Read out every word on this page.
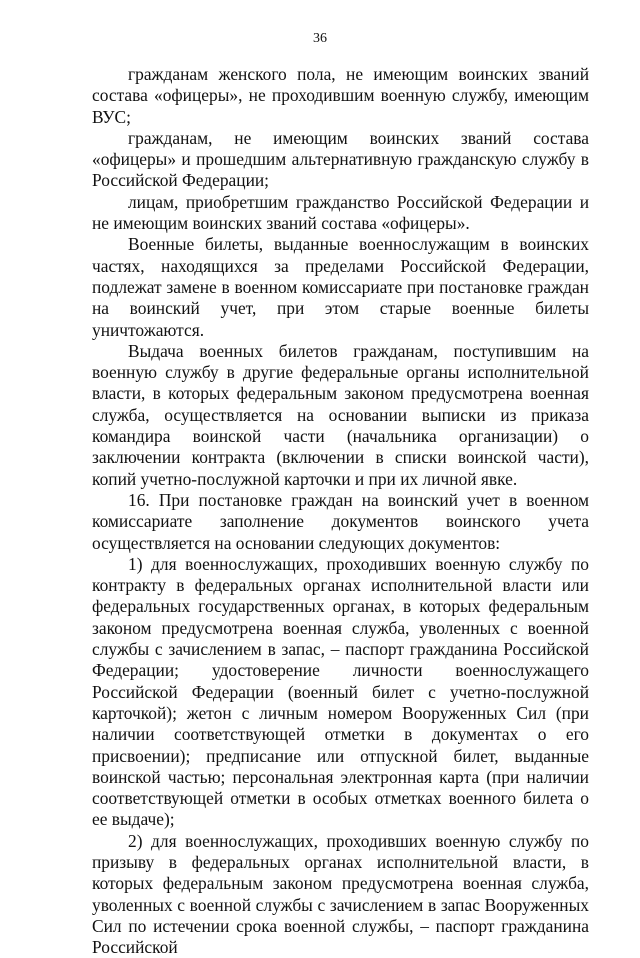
36

гражданам женского пола, не имеющим воинских званий состава «офицеры», не проходившим военную службу, имеющим ВУС;

гражданам, не имеющим воинских званий состава «офицеры» и прошедшим альтернативную гражданскую службу в Российской Федерации;

лицам, приобретшим гражданство Российской Федерации и не имеющим воинских званий состава «офицеры».

Военные билеты, выданные военнослужащим в воинских частях, находящихся за пределами Российской Федерации, подлежат замене в военном комиссариате при постановке граждан на воинский учет, при этом старые военные билеты уничтожаются.

Выдача военных билетов гражданам, поступившим на военную службу в другие федеральные органы исполнительной власти, в которых федеральным законом предусмотрена военная служба, осуществляется на основании выписки из приказа командира воинской части (начальника организации) о заключении контракта (включении в списки воинской части), копий учетно-послужной карточки и при их личной явке.

16. При постановке граждан на воинский учет в военном комиссариате заполнение документов воинского учета осуществляется на основании следующих документов:

1) для военнослужащих, проходивших военную службу по контракту в федеральных органах исполнительной власти или федеральных государственных органах, в которых федеральным законом предусмотрена военная служба, уволенных с военной службы с зачислением в запас, – паспорт гражданина Российской Федерации; удостоверение личности военнослужащего Российской Федерации (военный билет с учетно-послужной карточкой); жетон с личным номером Вооруженных Сил (при наличии соответствующей отметки в документах о его присвоении); предписание или отпускной билет, выданные воинской частью; персональная электронная карта (при наличии соответствующей отметки в особых отметках военного билета о ее выдаче);

2) для военнослужащих, проходивших военную службу по призыву в федеральных органах исполнительной власти, в которых федеральным законом предусмотрена военная служба, уволенных с военной службы с зачислением в запас Вооруженных Сил по истечении срока военной службы, – паспорт гражданина Российской
